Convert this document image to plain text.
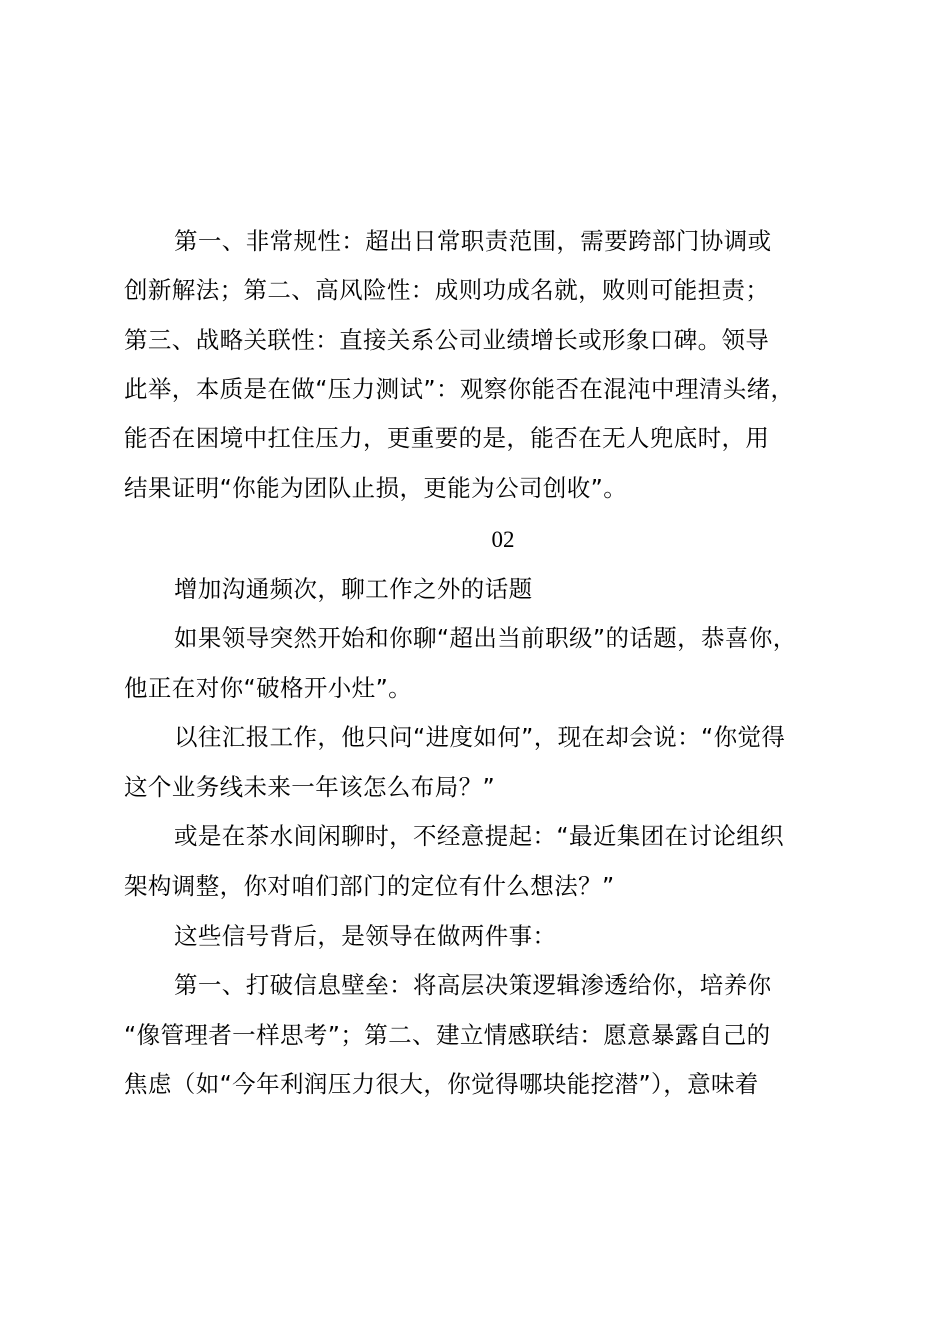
第一、非常规性：超出日常职责范围，需要跨部门协调或
创新解法；第二、高风险性：成则功成名就，败则可能担责；
第三、战略关联性：直接关系公司业绩增长或形象口碑。领导
此举，本质是在做“压力测试”：观察你能否在混沌中理清头绪，
能否在困境中扛住压力，更重要的是，能否在无人兜底时，用
结果证明“你能为团队止损，更能为公司创收”。
02
增加沟通频次，聊工作之外的话题
如果领导突然开始和你聊“超出当前职级”的话题，恭喜你，
他正在对你“破格开小灶”。
以往汇报工作，他只问“进度如何”，现在却会说：“你觉得
这个业务线未来一年该怎么布局？”
或是在茶水间闲聊时，不经意提起：“最近集团在讨论组织
架构调整，你对咱们部门的定位有什么想法？”
这些信号背后，是领导在做两件事：
第一、打破信息壁垒：将高层决策逻辑渗透给你，培养你
“像管理者一样思考”；第二、建立情感联结：愿意暴露自己的
焦虑（如“今年利润压力很大，你觉得哪块能挖潜”），意味着
